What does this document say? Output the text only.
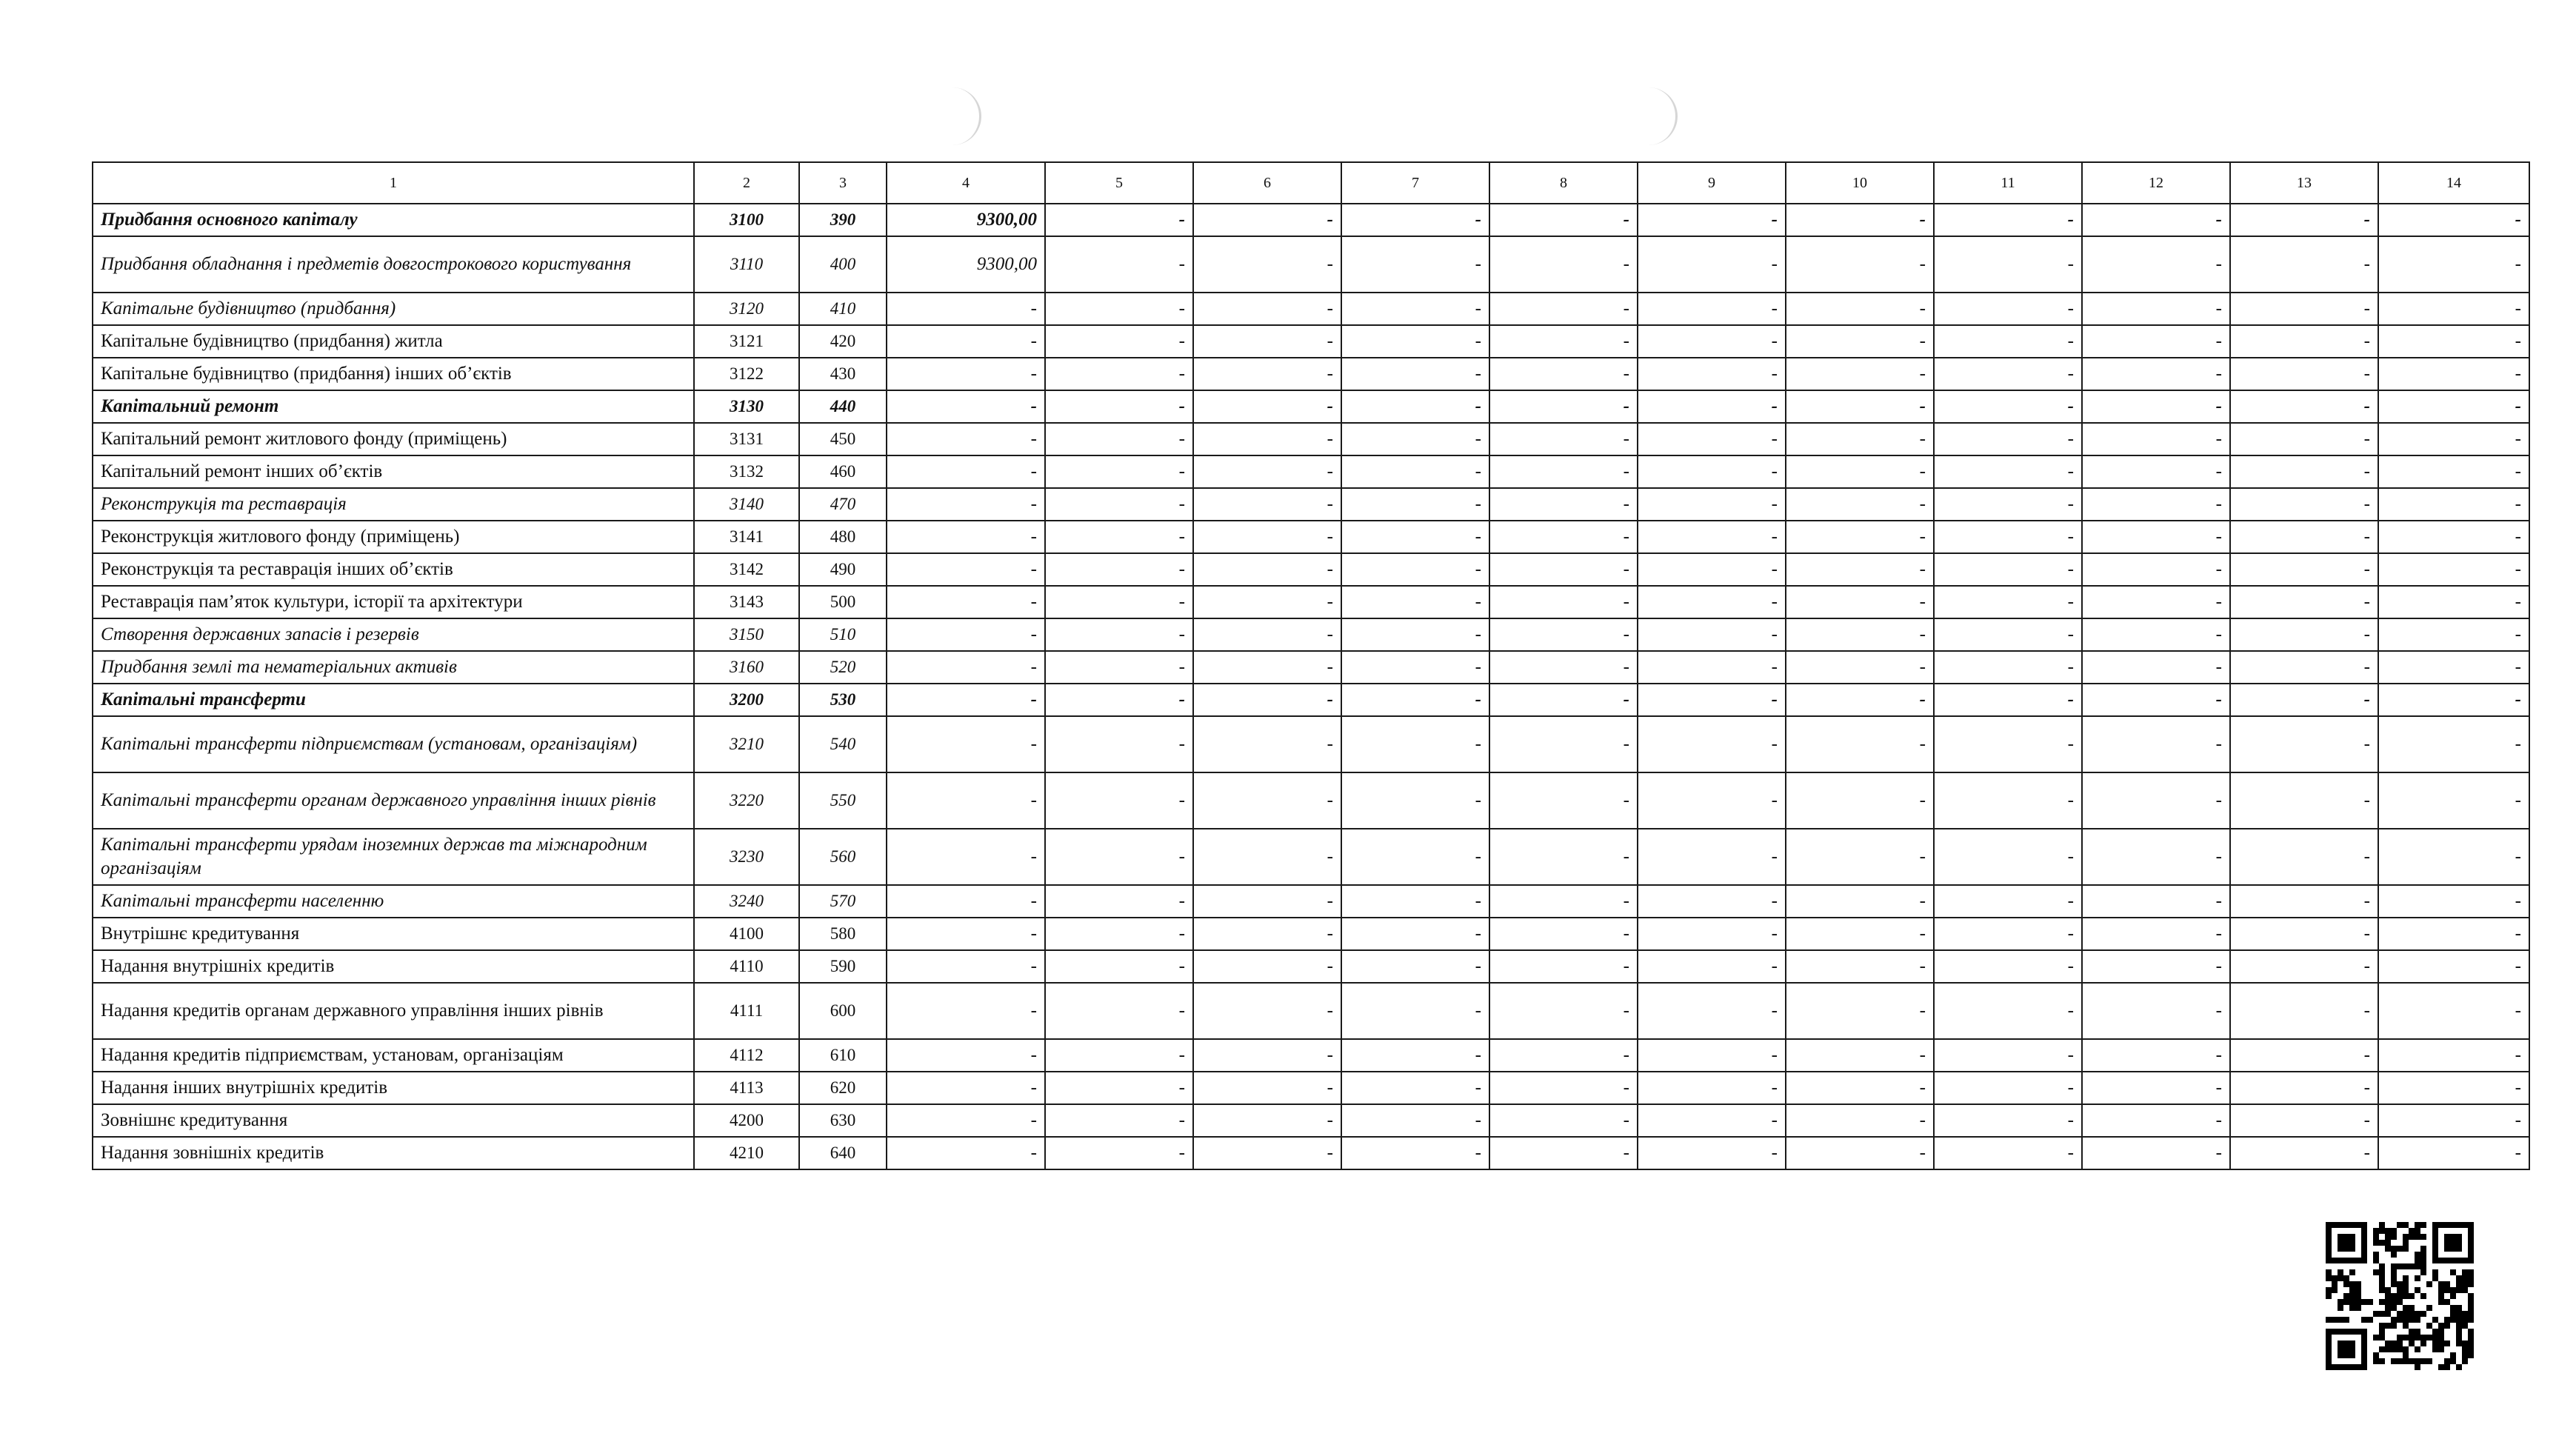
1	2	3	4	5	6	7	8	9	10	11	12	13	14
Придбання основного капіталу	3100	390	9300,00	-	-	-	-	-	-	-	-	-	-
Придбання обладнання і предметів довгострокового користування	3110	400	9300,00	-	-	-	-	-	-	-	-	-	-
Капітальне будівництво (придбання)	3120	410	-	-	-	-	-	-	-	-	-	-	-
Капітальне будівництво (придбання) житла	3121	420	-	-	-	-	-	-	-	-	-	-	-
Капітальне будівництво (придбання) інших об’єктів	3122	430	-	-	-	-	-	-	-	-	-	-	-
Капітальний ремонт	3130	440	-	-	-	-	-	-	-	-	-	-	-
Капітальний ремонт житлового фонду (приміщень)	3131	450	-	-	-	-	-	-	-	-	-	-	-
Капітальний ремонт інших об’єктів	3132	460	-	-	-	-	-	-	-	-	-	-	-
Реконструкція та реставрація	3140	470	-	-	-	-	-	-	-	-	-	-	-
Реконструкція житлового фонду (приміщень)	3141	480	-	-	-	-	-	-	-	-	-	-	-
Реконструкція та реставрація інших об’єктів	3142	490	-	-	-	-	-	-	-	-	-	-	-
Реставрація пам’яток культури, історії та архітектури	3143	500	-	-	-	-	-	-	-	-	-	-	-
Створення державних запасів і резервів	3150	510	-	-	-	-	-	-	-	-	-	-	-
Придбання землі та нематеріальних активів	3160	520	-	-	-	-	-	-	-	-	-	-	-
Капітальні трансферти	3200	530	-	-	-	-	-	-	-	-	-	-	-
Капітальні трансферти підприємствам (установам, організаціям)	3210	540	-	-	-	-	-	-	-	-	-	-	-
Капітальні трансферти органам державного управління інших рівнів	3220	550	-	-	-	-	-	-	-	-	-	-	-
Капітальні трансферти урядам іноземних держав та міжнародним організаціям	3230	560	-	-	-	-	-	-	-	-	-	-	-
Капітальні трансферти населенню	3240	570	-	-	-	-	-	-	-	-	-	-	-
Внутрішнє кредитування	4100	580	-	-	-	-	-	-	-	-	-	-	-
Надання внутрішніх кредитів	4110	590	-	-	-	-	-	-	-	-	-	-	-
Надання кредитів органам державного управління інших рівнів	4111	600	-	-	-	-	-	-	-	-	-	-	-
Надання кредитів підприємствам, установам, організаціям	4112	610	-	-	-	-	-	-	-	-	-	-	-
Надання інших внутрішніх кредитів	4113	620	-	-	-	-	-	-	-	-	-	-	-
Зовнішнє кредитування	4200	630	-	-	-	-	-	-	-	-	-	-	-
Надання зовнішніх кредитів	4210	640	-	-	-	-	-	-	-	-	-	-	-
